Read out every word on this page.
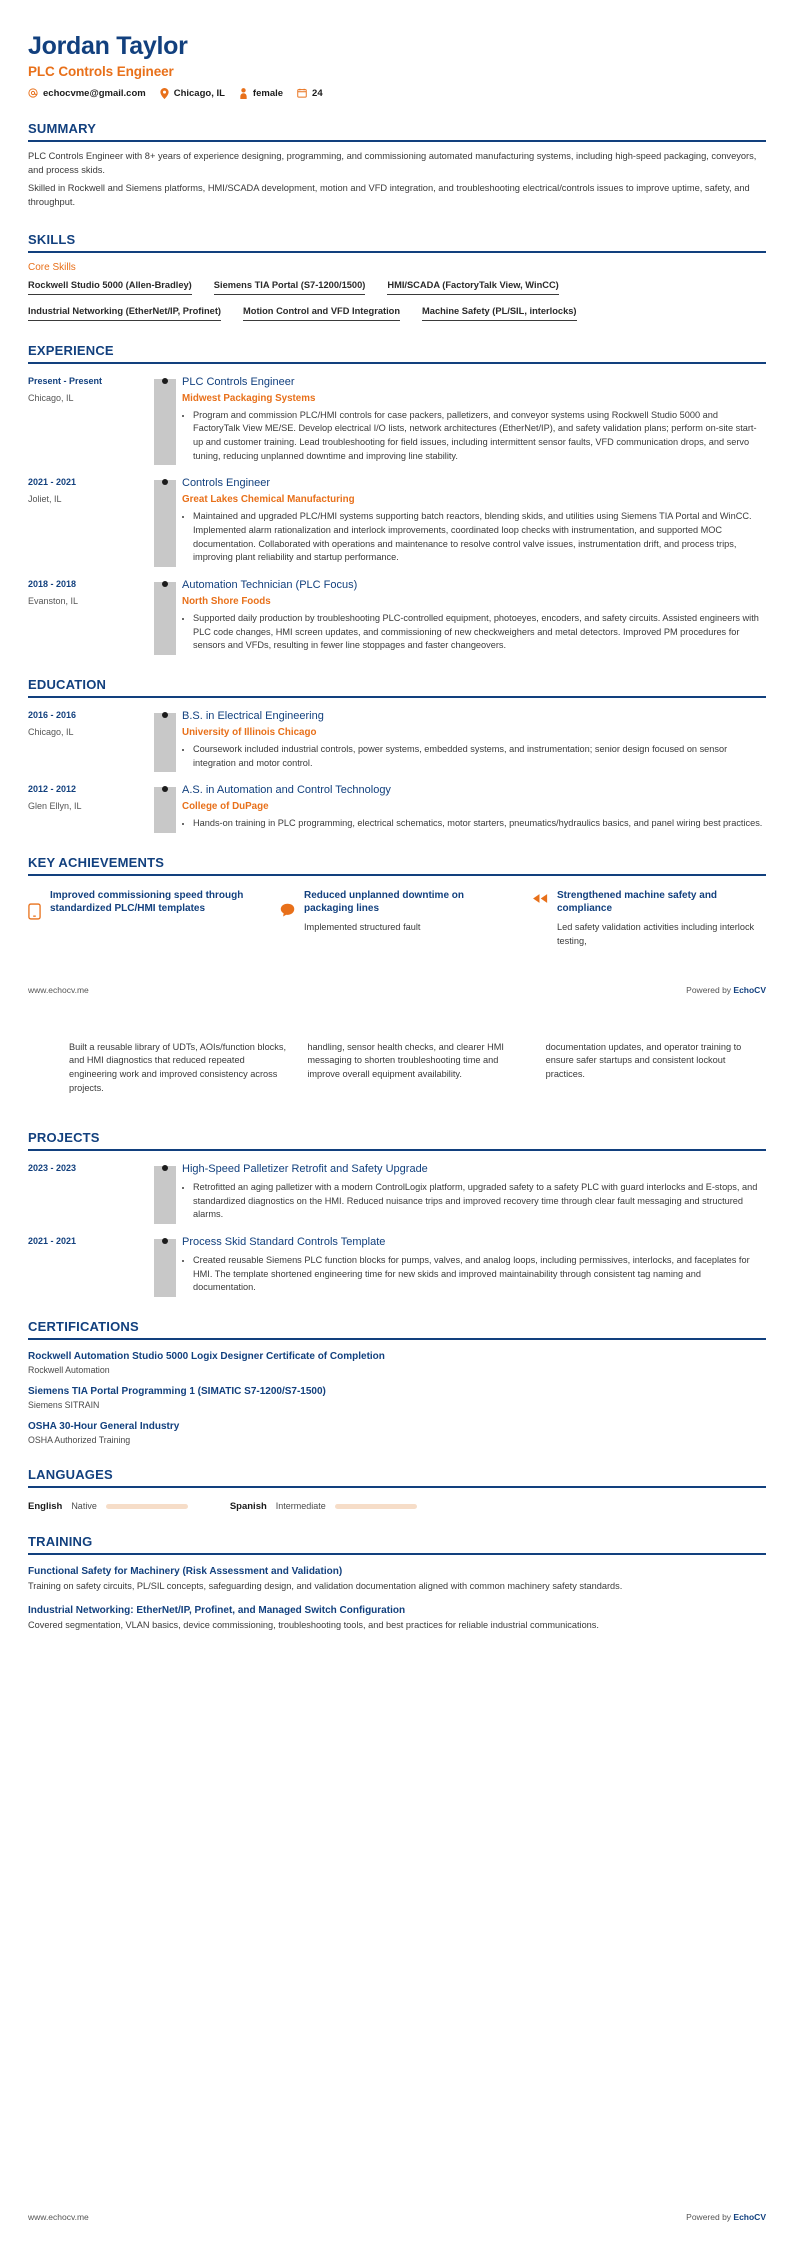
Jordan Taylor
PLC Controls Engineer
echocvme@gmail.com	Chicago, IL	female	24
SUMMARY
PLC Controls Engineer with 8+ years of experience designing, programming, and commissioning automated manufacturing systems, including high-speed packaging, conveyors, and process skids.
Skilled in Rockwell and Siemens platforms, HMI/SCADA development, motion and VFD integration, and troubleshooting electrical/controls issues to improve uptime, safety, and throughput.
SKILLS
Core Skills
Rockwell Studio 5000 (Allen-Bradley) Siemens TIA Portal (S7-1200/1500) HMI/SCADA (FactoryTalk View, WinCC)
Industrial Networking (EtherNet/IP, Profinet) Motion Control and VFD Integration Machine Safety (PL/SIL, interlocks)
EXPERIENCE
Present - Present
Chicago, IL
PLC Controls Engineer
Midwest Packaging Systems
• Program and commission PLC/HMI controls for case packers, palletizers, and conveyor systems using Rockwell Studio 5000 and FactoryTalk View ME/SE. Develop electrical I/O lists, network architectures (EtherNet/IP), and safety validation plans; perform on-site start-up and customer training. Lead troubleshooting for field issues, including intermittent sensor faults, VFD communication drops, and servo tuning, reducing unplanned downtime and improving line stability.
2021 - 2021
Joliet, IL
Controls Engineer
Great Lakes Chemical Manufacturing
• Maintained and upgraded PLC/HMI systems supporting batch reactors, blending skids, and utilities using Siemens TIA Portal and WinCC. Implemented alarm rationalization and interlock improvements, coordinated loop checks with instrumentation, and supported MOC documentation. Collaborated with operations and maintenance to resolve control valve issues, instrumentation drift, and process trips, improving plant reliability and startup performance.
2018 - 2018
Evanston, IL
Automation Technician (PLC Focus)
North Shore Foods
• Supported daily production by troubleshooting PLC-controlled equipment, photoeyes, encoders, and safety circuits. Assisted engineers with PLC code changes, HMI screen updates, and commissioning of new checkweighers and metal detectors. Improved PM procedures for sensors and VFDs, resulting in fewer line stoppages and faster changeovers.
EDUCATION
2016 - 2016
Chicago, IL
B.S. in Electrical Engineering
University of Illinois Chicago
• Coursework included industrial controls, power systems, embedded systems, and instrumentation; senior design focused on sensor integration and motor control.
2012 - 2012
Glen Ellyn, IL
A.S. in Automation and Control Technology
College of DuPage
• Hands-on training in PLC programming, electrical schematics, motor starters, pneumatics/hydraulics basics, and panel wiring best practices.
KEY ACHIEVEMENTS
Improved commissioning speed through standardized PLC/HMI templates
Reduced unplanned downtime on packaging lines
Implemented structured fault
Strengthened machine safety and compliance
Led safety validation activities including interlock testing,
www.echocv.me	Powered by EchoCV
Built a reusable library of UDTs, AOIs/function blocks, and HMI diagnostics that reduced repeated engineering work and improved consistency across projects.
handling, sensor health checks, and clearer HMI messaging to shorten troubleshooting time and improve overall equipment availability.
documentation updates, and operator training to ensure safer startups and consistent lockout practices.
PROJECTS
2023 - 2023	High-Speed Palletizer Retrofit and Safety Upgrade
• Retrofitted an aging palletizer with a modern ControlLogix platform, upgraded safety to a safety PLC with guard interlocks and E-stops, and standardized diagnostics on the HMI. Reduced nuisance trips and improved recovery time through clear fault messaging and structured alarms.
2021 - 2021	Process Skid Standard Controls Template
• Created reusable Siemens PLC function blocks for pumps, valves, and analog loops, including permissives, interlocks, and faceplates for HMI. The template shortened engineering time for new skids and improved maintainability through consistent tag naming and documentation.
CERTIFICATIONS
Rockwell Automation Studio 5000 Logix Designer Certificate of Completion
Rockwell Automation
Siemens TIA Portal Programming 1 (SIMATIC S7-1200/S7-1500)
Siemens SITRAIN
OSHA 30-Hour General Industry
OSHA Authorized Training
LANGUAGES
English Native	Spanish Intermediate
TRAINING
Functional Safety for Machinery (Risk Assessment and Validation)
Training on safety circuits, PL/SIL concepts, safeguarding design, and validation documentation aligned with common machinery safety standards.
Industrial Networking: EtherNet/IP, Profinet, and Managed Switch Configuration
Covered segmentation, VLAN basics, device commissioning, troubleshooting tools, and best practices for reliable industrial communications.
www.echocv.me	Powered by EchoCV
